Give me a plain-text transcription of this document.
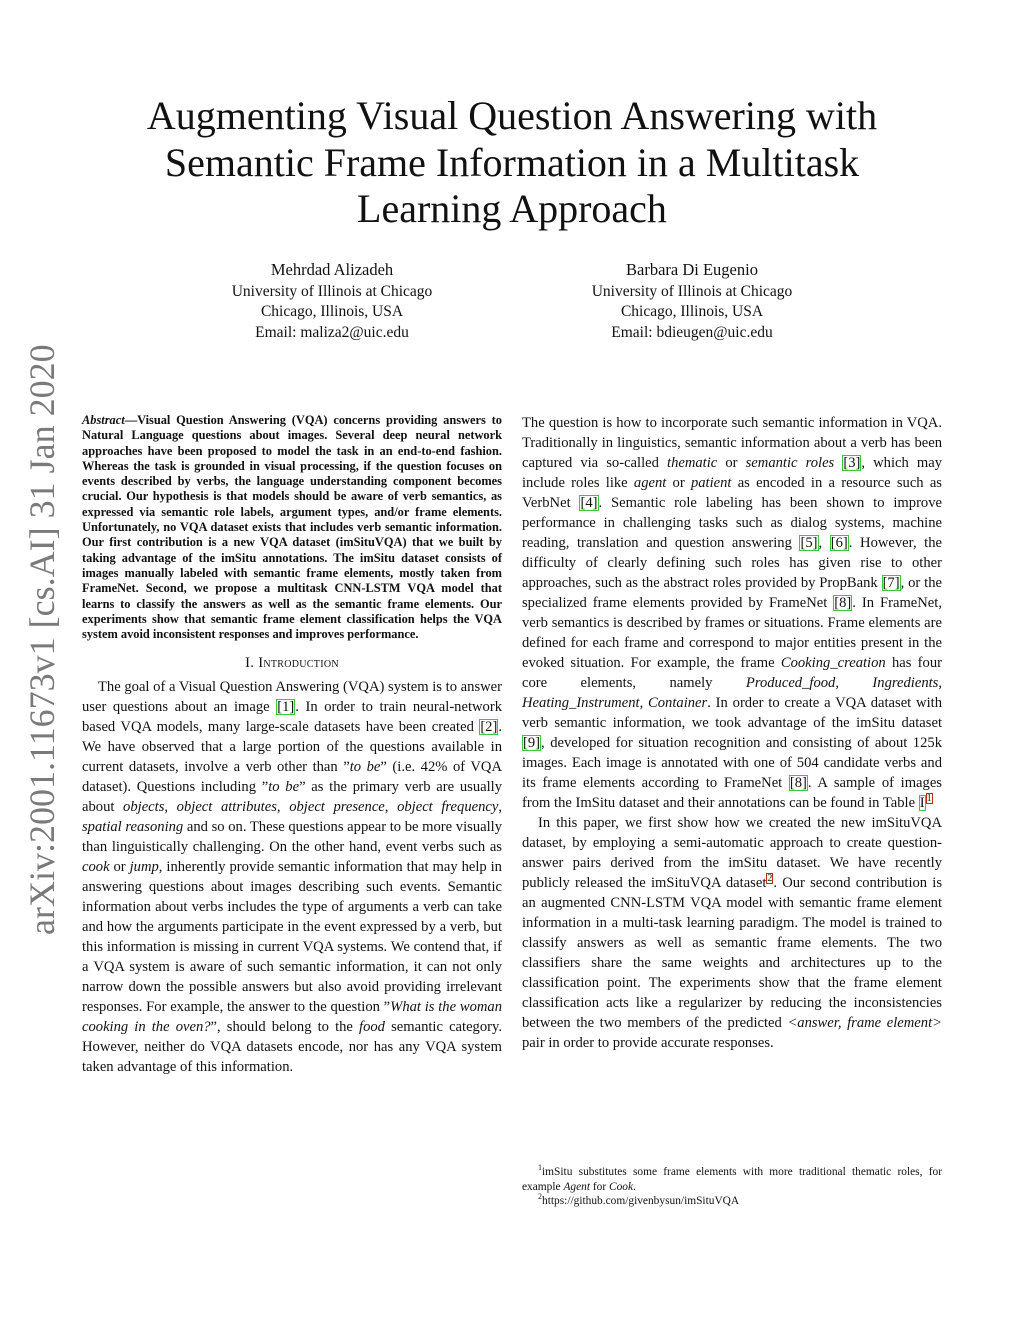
Augmenting Visual Question Answering with
Semantic Frame Information in a Multitask
Learning Approach
Mehrdad Alizadeh
University of Illinois at Chicago
Chicago, Illinois, USA
Email: maliza2@uic.edu
Barbara Di Eugenio
University of Illinois at Chicago
Chicago, Illinois, USA
Email: bdieugen@uic.edu
arXiv:2001.11673v1 [cs.AI] 31 Jan 2020 Abstract—Visual Question Answering (VQA) concerns providing answers to Natural Language questions about images. Several deep neural network approaches have been proposed to model the task in an end-to-end fashion. Whereas the task is grounded in visual processing, if the question focuses on events described by verbs, the language understanding component becomes crucial. Our hypothesis is that models should be aware of verb semantics, as expressed via semantic role labels, argument types, and/or frame elements. Unfortunately, no VQA dataset exists that includes verb semantic information. Our first contribution is a new VQA dataset (imSituVQA) that we built by taking advantage of the imSitu annotations. The imSitu dataset consists of images manually labeled with semantic frame elements, mostly taken from FrameNet. Second, we propose a multitask CNN-LSTM VQA model that learns to classify the answers as well as the semantic frame elements. Our experiments show that semantic frame element classification helps the VQA system avoid inconsistent responses and improves performance.

I. Introduction

The goal of a Visual Question Answering (VQA) system is to answer user questions about an image [1]. In order to train neural-network based VQA models, many large-scale datasets have been created [2]. We have observed that a large portion of the questions available in current datasets, involve a verb other than ”to be” (i.e. 42% of VQA dataset). Questions including ”to be” as the primary verb are usually about objects, object attributes, object presence, object frequency, spatial reasoning and so on. These questions appear to be more visually than linguistically challenging. On the other hand, event verbs such as cook or jump, inherently provide semantic information that may help in answering questions about images describing such events. Semantic information about verbs includes the type of arguments a verb can take and how the arguments participate in the event expressed by a verb, but this information is missing in current VQA systems. We contend that, if a VQA system is aware of such semantic information, it can not only narrow down the possible answers but also avoid providing irrelevant responses. For example, the answer to the question ”What is the woman cooking in the oven?”, should belong to the food semantic category. However, neither do VQA datasets encode, nor has any VQA system taken advantage of this information.

The question is how to incorporate such semantic information in VQA. Traditionally in linguistics, semantic information about a verb has been captured via so-called thematic or semantic roles [3], which may include roles like agent or patient as encoded in a resource such as VerbNet [4]. Semantic role labeling has been shown to improve performance in challenging tasks such as dialog systems, machine reading, translation and question answering [5], [6]. However, the difficulty of clearly defining such roles has given rise to other approaches, such as the abstract roles provided by PropBank [7], or the specialized frame elements provided by FrameNet [8]. In FrameNet, verb semantics is described by frames or situations. Frame elements are defined for each frame and correspond to major entities present in the evoked situation. For example, the frame Cooking_creation has four core elements, namely Produced_food, Ingredients, Heating_Instrument, Container. In order to create a VQA dataset with verb semantic information, we took advantage of the imSitu dataset [9], developed for situation recognition and consisting of about 125k images. Each image is annotated with one of 504 candidate verbs and its frame elements according to FrameNet [8]. A sample of images from the ImSitu dataset and their annotations can be found in Table I $^1$

In this paper, we first show how we created the new imSituVQA dataset, by employing a semi-automatic approach to create question-answer pairs derived from the imSitu dataset. We have recently publicly released the imSituVQA dataset$^2$. Our second contribution is an augmented CNN-LSTM VQA model with semantic frame element information in a multi-task learning paradigm. The model is trained to classify answers as well as semantic frame elements. The two classifiers share the same weights and architectures up to the classification point. The experiments show that the frame element classification acts like a regularizer by reducing the inconsistencies between the two members of the predicted <answer, frame element> pair in order to provide accurate responses.

$^1$imSitu substitutes some frame elements with more traditional thematic roles, for example Agent for Cook.

$^2$https://github.com/givenbysun/imSituVQA
